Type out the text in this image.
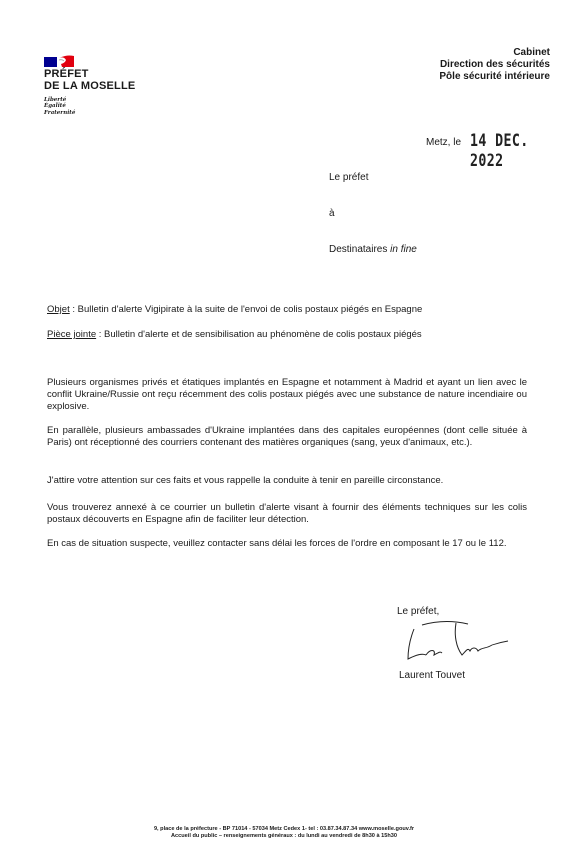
PRÉFET
DE LA MOSELLE
Liberté
Égalité
Fraternité
Cabinet
Direction des sécurités
Pôle sécurité intérieure
Metz, le 14 DEC. 2022
Le préfet
à
Destinataires in fine
Objet : Bulletin d'alerte Vigipirate à la suite de l'envoi de colis postaux piégés en Espagne
Pièce jointe : Bulletin d'alerte et de sensibilisation au phénomène de colis postaux piégés
Plusieurs organismes privés et étatiques implantés en Espagne et notamment à Madrid et ayant un lien avec le conflit Ukraine/Russie ont reçu récemment des colis postaux piégés avec une substance de nature incendiaire ou explosive.
En parallèle, plusieurs ambassades d'Ukraine implantées dans des capitales européennes (dont celle située à Paris) ont réceptionné des courriers contenant des matières organiques (sang, yeux d'animaux, etc.).
J'attire votre attention sur ces faits et vous rappelle la conduite à tenir en pareille circonstance.
Vous trouverez annexé à ce courrier un bulletin d'alerte visant à fournir des éléments techniques sur les colis postaux découverts en Espagne afin de faciliter leur détection.
En cas de situation suspecte, veuillez contacter sans délai les forces de l'ordre en composant le 17 ou le 112.
Le préfet,
Laurent Touvet
9, place de la préfecture - BP 71014 - 57034 Metz Cedex 1- tel : 03.87.34.87.34 www.moselle.gouv.fr
Accueil du public – renseignements généraux : du lundi au vendredi de 8h30 à 15h30
